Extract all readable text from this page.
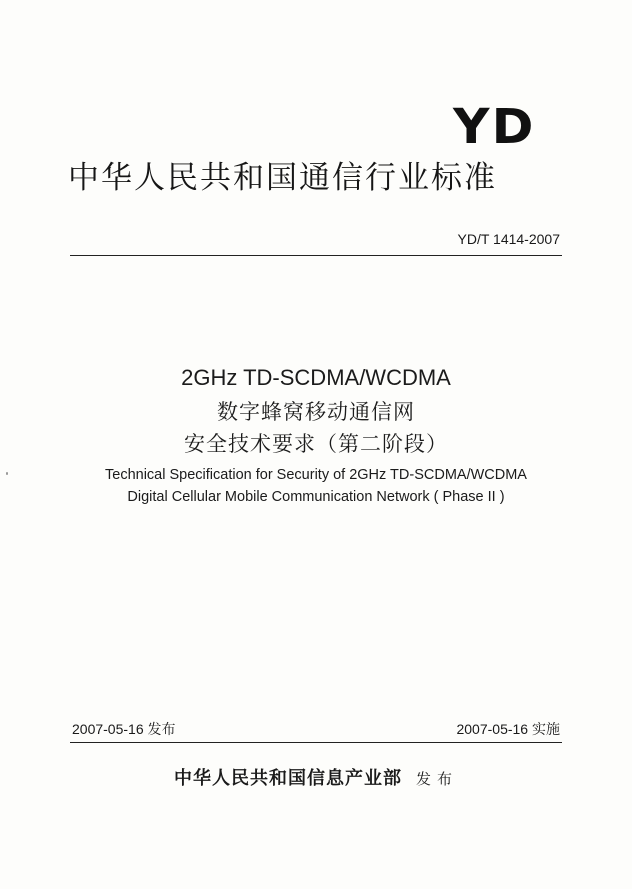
YD
中华人民共和国通信行业标准
YD/T 1414-2007
2GHz TD-SCDMA/WCDMA
数字蜂窝移动通信网
安全技术要求（第二阶段）
Technical Specification for Security of 2GHz TD-SCDMA/WCDMA
Digital Cellular Mobile Communication Network ( Phase II )
2007-05-16 发布	2007-05-16 实施
中华人民共和国信息产业部 发布
